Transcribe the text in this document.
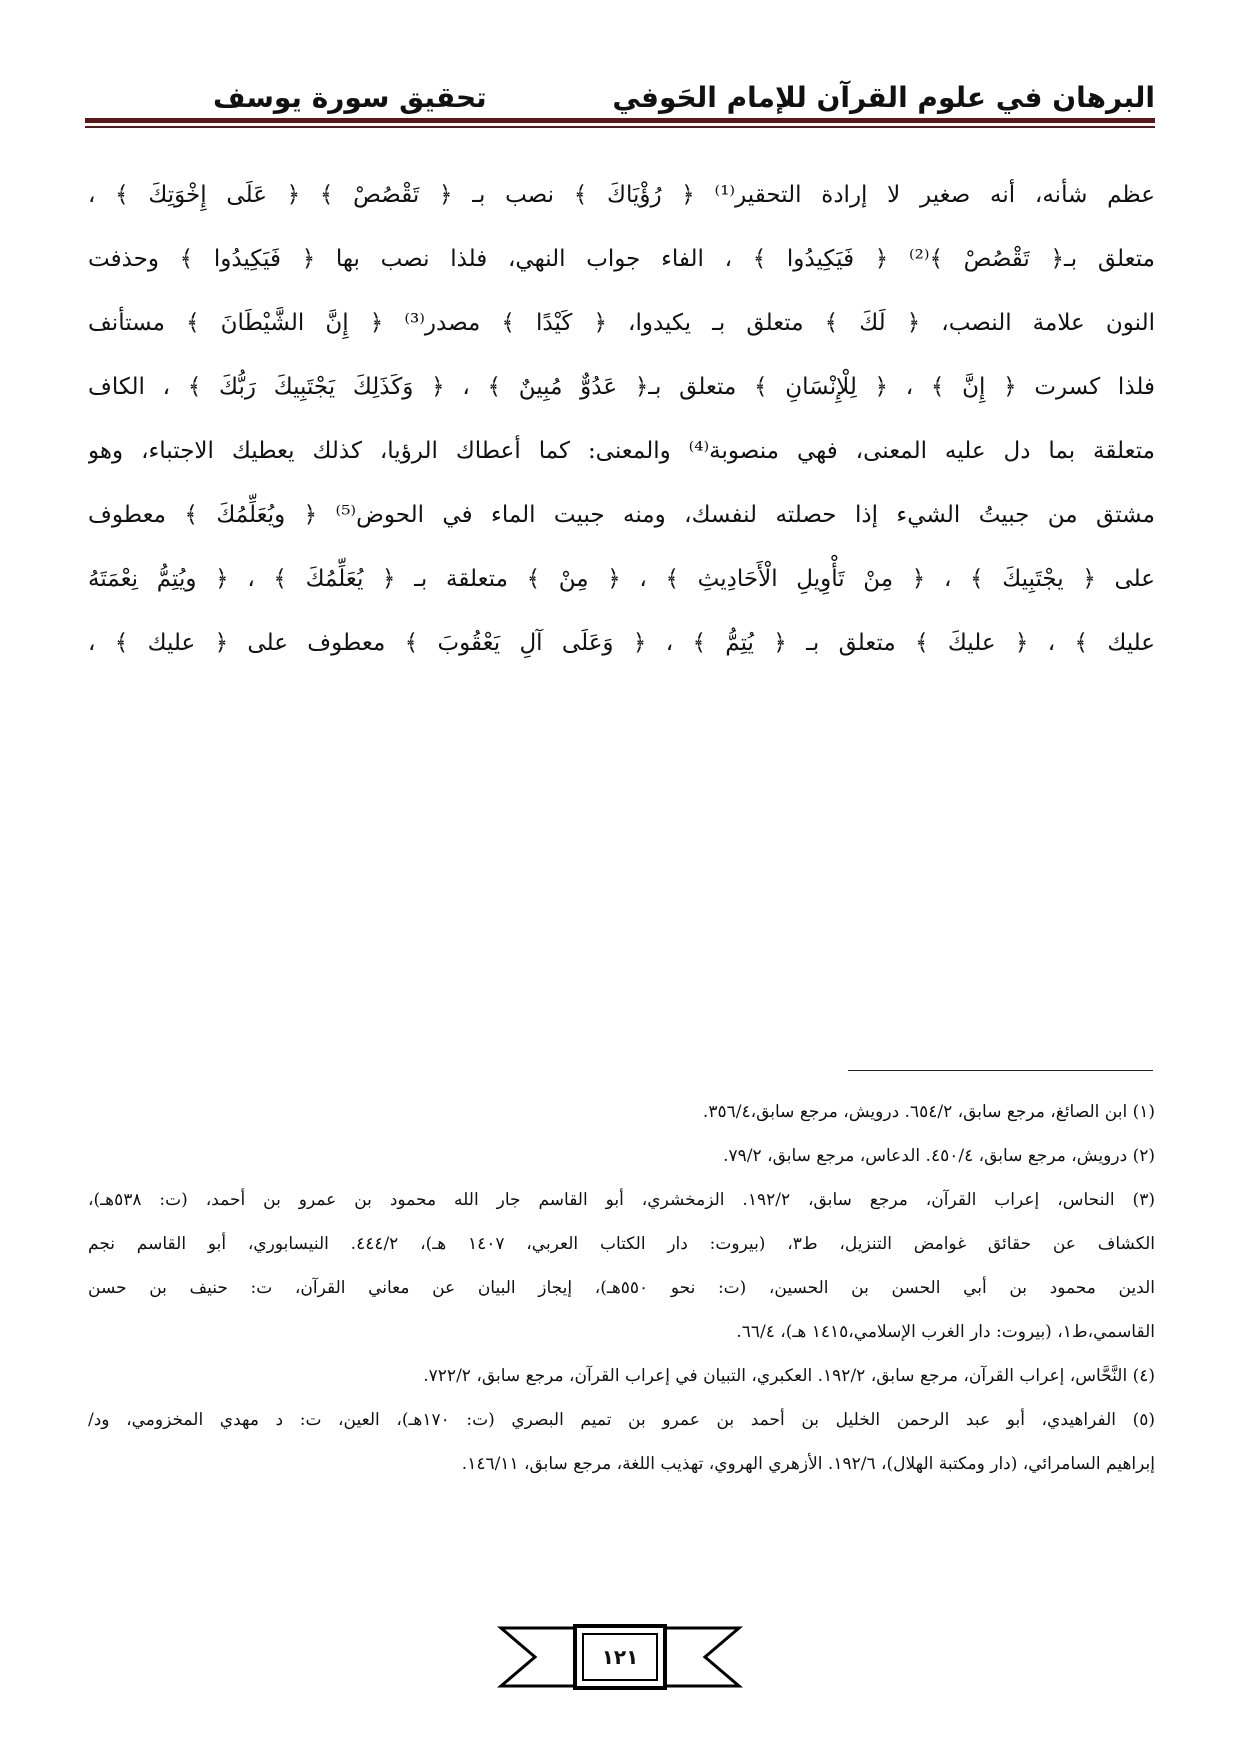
البرهان في علوم القرآن للإمام الحَوفي
تحقيق سورة يوسف
عظم شأنه، أنه صغير لا إرادة التحقير⁽¹⁾ ﴿ رُؤْيَاكَ ﴾ نصب بـ ﴿ تَقْصُصْ ﴾ ﴿ عَلَى إِخْوَتِكَ ﴾ ،
متعلق بـ﴿ تَقْصُصْ ﴾⁽²⁾ ﴿ فَيَكِيدُوا ﴾ ، الفاء جواب النهي، فلذا نصب بها ﴿ فَيَكِيدُوا ﴾ وحذفت
النون علامة النصب، ﴿ لَكَ ﴾ متعلق بـ يكيدوا، ﴿ كَيْدًا ﴾ مصدر⁽³⁾ ﴿ إِنَّ الشَّيْطَانَ ﴾ مستأنف
فلذا كسرت ﴿ إِنَّ ﴾ ، ﴿ لِلْإِنْسَانِ ﴾ متعلق بـ﴿ عَدُوٌّ مُبِينٌ ﴾ ، ﴿ وَكَذَلِكَ يَجْتَبِيكَ رَبُّكَ ﴾ ، الكاف
متعلقة بما دل عليه المعنى، فهي منصوبة⁽⁴⁾ والمعنى: كما أعطاك الرؤيا، كذلك يعطيك الاجتباء، وهو
مشتق من جبيتُ الشيء إذا حصلته لنفسك، ومنه جبيت الماء في الحوض⁽⁵⁾ ﴿ ويُعَلِّمُكَ ﴾ معطوف
على ﴿ يجْتَبِيكَ ﴾ ، ﴿ مِنْ تَأْوِيلِ الْأَحَادِيثِ ﴾ ، ﴿ مِنْ ﴾ متعلقة بـ ﴿ يُعَلِّمُكَ ﴾ ، ﴿ ويُتِمُّ نِعْمَتَهُ
عليك ﴾ ، ﴿ عليكَ ﴾ متعلق بـ ﴿ يُتِمُّ ﴾ ، ﴿ وَعَلَى آلِ يَعْقُوبَ ﴾ معطوف على ﴿ عليك ﴾ ،
(١) ابن الصائغ، مرجع سابق، ٦٥٤/٢. درويش، مرجع سابق،٣٥٦/٤.
(٢) درويش، مرجع سابق، ٤٥٠/٤. الدعاس، مرجع سابق، ٧٩/٢.
(٣) النحاس، إعراب القرآن، مرجع سابق، ١٩٢/٢. الزمخشري، أبو القاسم جار الله محمود بن عمرو بن أحمد، (ت: ٥٣٨هـ)،
الكشاف عن حقائق غوامض التنزيل، ط٣، (بيروت: دار الكتاب العربي، ١٤٠٧ هـ)، ٤٤٤/٢. النيسابوري، أبو القاسم نجم
الدين محمود بن أبي الحسن بن الحسين، (ت: نحو ٥٥٠هـ)، إيجاز البيان عن معاني القرآن، ت: حنيف بن حسن
القاسمي،ط١، (بيروت: دار الغرب الإسلامي،١٤١٥ هـ)، ٦٦/٤.
(٤) النَّحَّاس، إعراب القرآن، مرجع سابق، ١٩٢/٢. العكبري، التبيان في إعراب القرآن، مرجع سابق، ٧٢٢/٢.
(٥) الفراهيدي، أبو عبد الرحمن الخليل بن أحمد بن عمرو بن تميم البصري (ت: ١٧٠هـ)، العين، ت: د مهدي المخزومي، ود/
إبراهيم السامرائي، (دار ومكتبة الهلال)، ١٩٢/٦. الأزهري الهروي، تهذيب اللغة، مرجع سابق، ١٤٦/١١.
١٢١
